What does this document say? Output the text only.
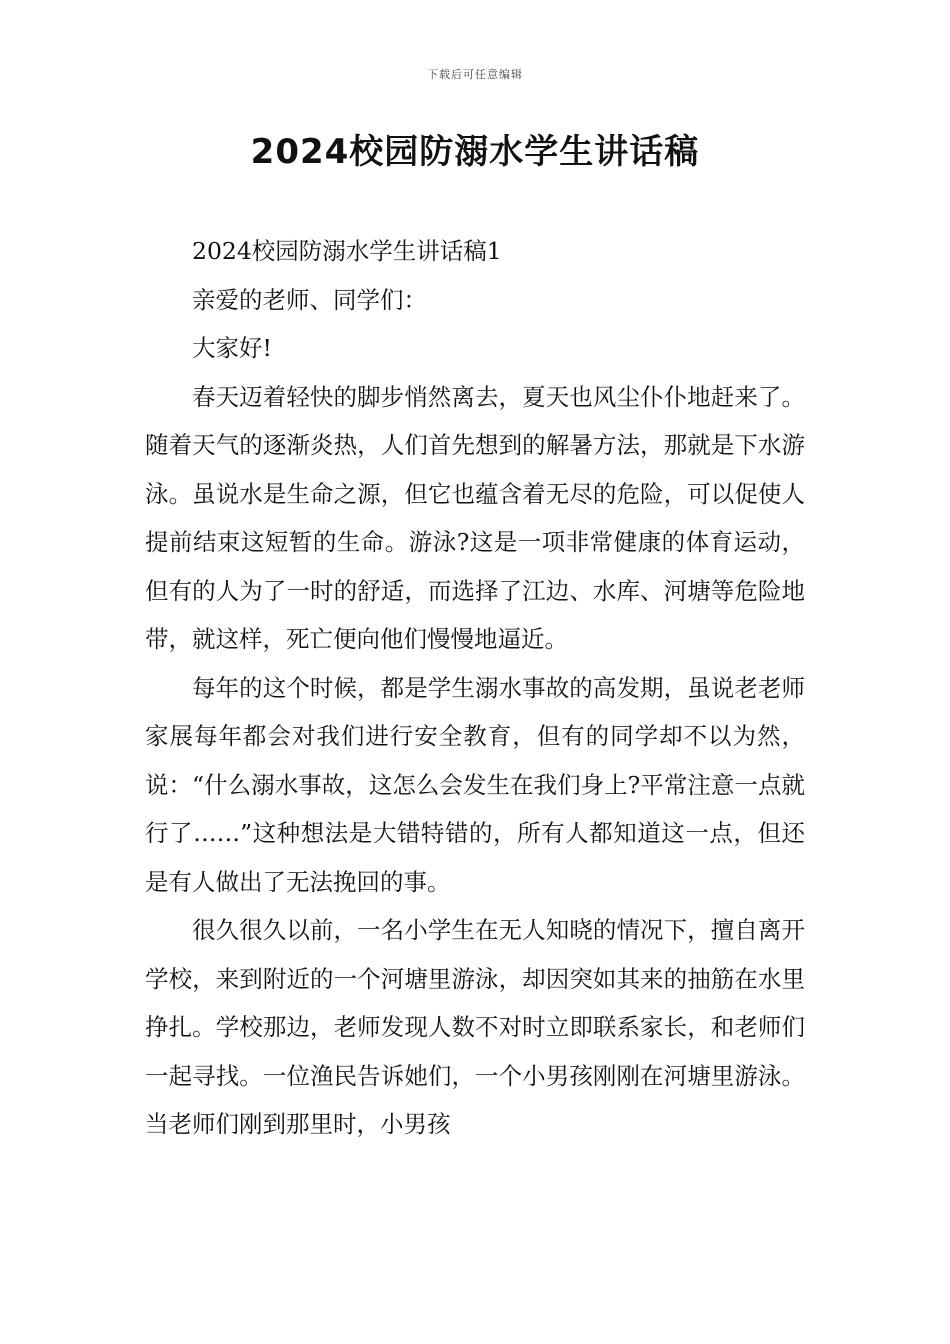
下载后可任意编辑
2024校园防溺水学生讲话稿

2024校园防溺水学生讲话稿1

亲爱的老师、同学们：

大家好!

春天迈着轻快的脚步悄然离去，夏天也风尘仆仆地赶来了。随着天气的逐渐炎热，人们首先想到的解暑方法，那就是下水游泳。虽说水是生命之源，但它也蕴含着无尽的危险，可以促使人提前结束这短暂的生命。游泳?这是一项非常健康的体育运动，但有的人为了一时的舒适，而选择了江边、水库、河塘等危险地带，就这样，死亡便向他们慢慢地逼近。

每年的这个时候，都是学生溺水事故的高发期，虽说老老师家展每年都会对我们进行安全教育，但有的同学却不以为然，说：“什么溺水事故，这怎么会发生在我们身上?平常注意一点就行了……”这种想法是大错特错的，所有人都知道这一点，但还是有人做出了无法挽回的事。

很久很久以前，一名小学生在无人知晓的情况下，擅自离开学校，来到附近的一个河塘里游泳，却因突如其来的抽筋在水里挣扎。学校那边，老师发现人数不对时立即联系家长，和老师们一起寻找。一位渔民告诉她们，一个小男孩刚刚在河塘里游泳。当老师们刚到那里时，小男孩
